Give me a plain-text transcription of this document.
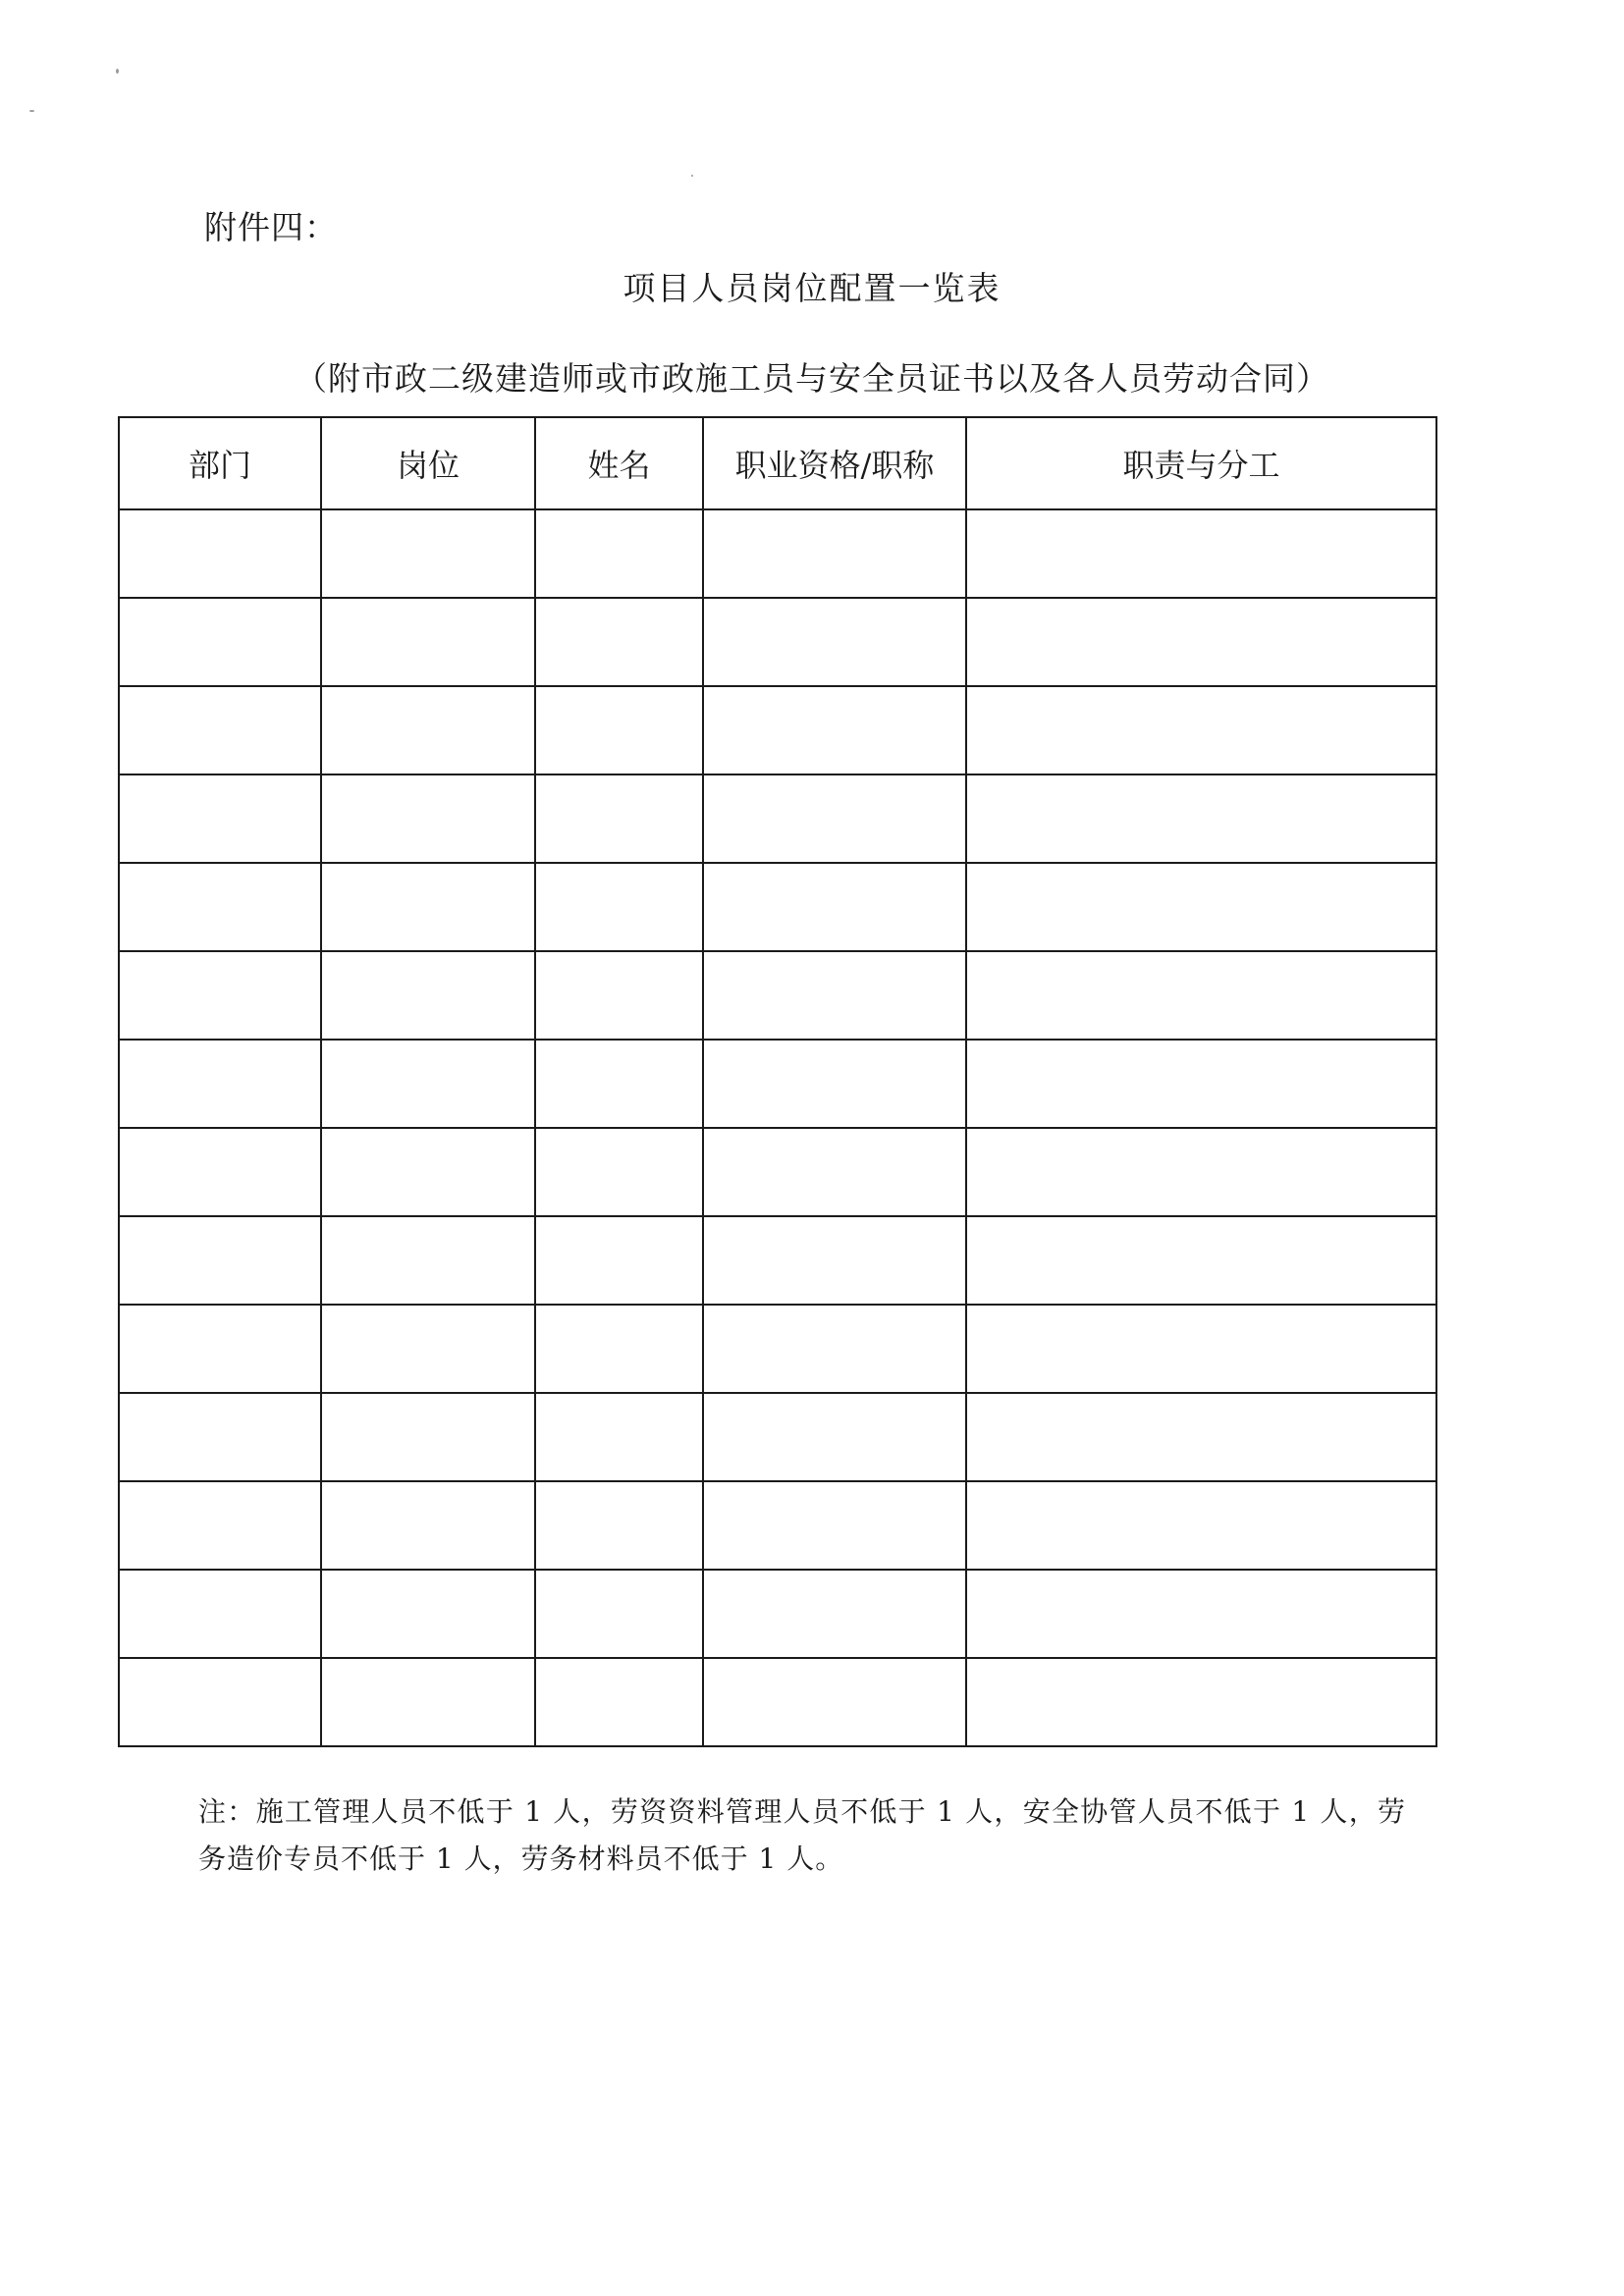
附件四：
项目人员岗位配置一览表
（附市政二级建造师或市政施工员与安全员证书以及各人员劳动合同）
部门	岗位	姓名	职业资格/职称	职责与分工

注：施工管理人员不低于 1 人，劳资资料管理人员不低于 1 人，安全协管人员不低于 1 人，劳务造价专员不低于 1 人，劳务材料员不低于 1 人。
